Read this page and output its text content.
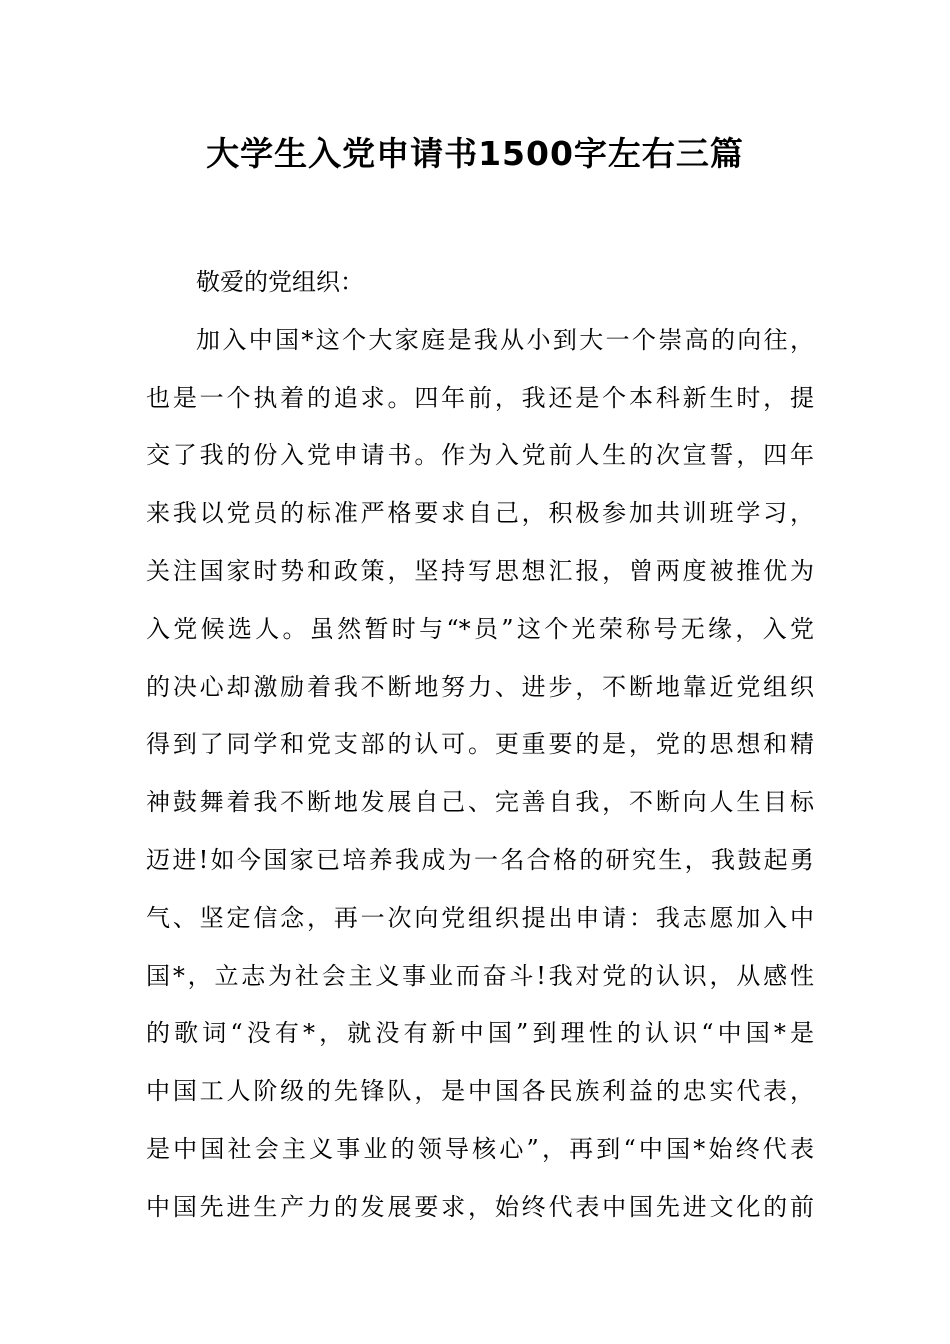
大学生入党申请书1500字左右三篇
敬爱的党组织：
加入中国*这个大家庭是我从小到大一个崇高的向往，
也是一个执着的追求。四年前，我还是个本科新生时，提
交了我的份入党申请书。作为入党前人生的次宣誓，四年
来我以党员的标准严格要求自己，积极参加共训班学习，
关注国家时势和政策，坚持写思想汇报，曾两度被推优为
入党候选人。虽然暂时与“*员”这个光荣称号无缘，入党
的决心却激励着我不断地努力、进步，不断地靠近党组织
得到了同学和党支部的认可。更重要的是，党的思想和精
神鼓舞着我不断地发展自己、完善自我，不断向人生目标
迈进!如今国家已培养我成为一名合格的研究生，我鼓起勇
气、坚定信念，再一次向党组织提出申请：我志愿加入中
国*，立志为社会主义事业而奋斗!我对党的认识，从感性
的歌词“没有*，就没有新中国”到理性的认识“中国*是
中国工人阶级的先锋队，是中国各民族利益的忠实代表，
是中国社会主义事业的领导核心”，再到“中国*始终代表
中国先进生产力的发展要求，始终代表中国先进文化的前
